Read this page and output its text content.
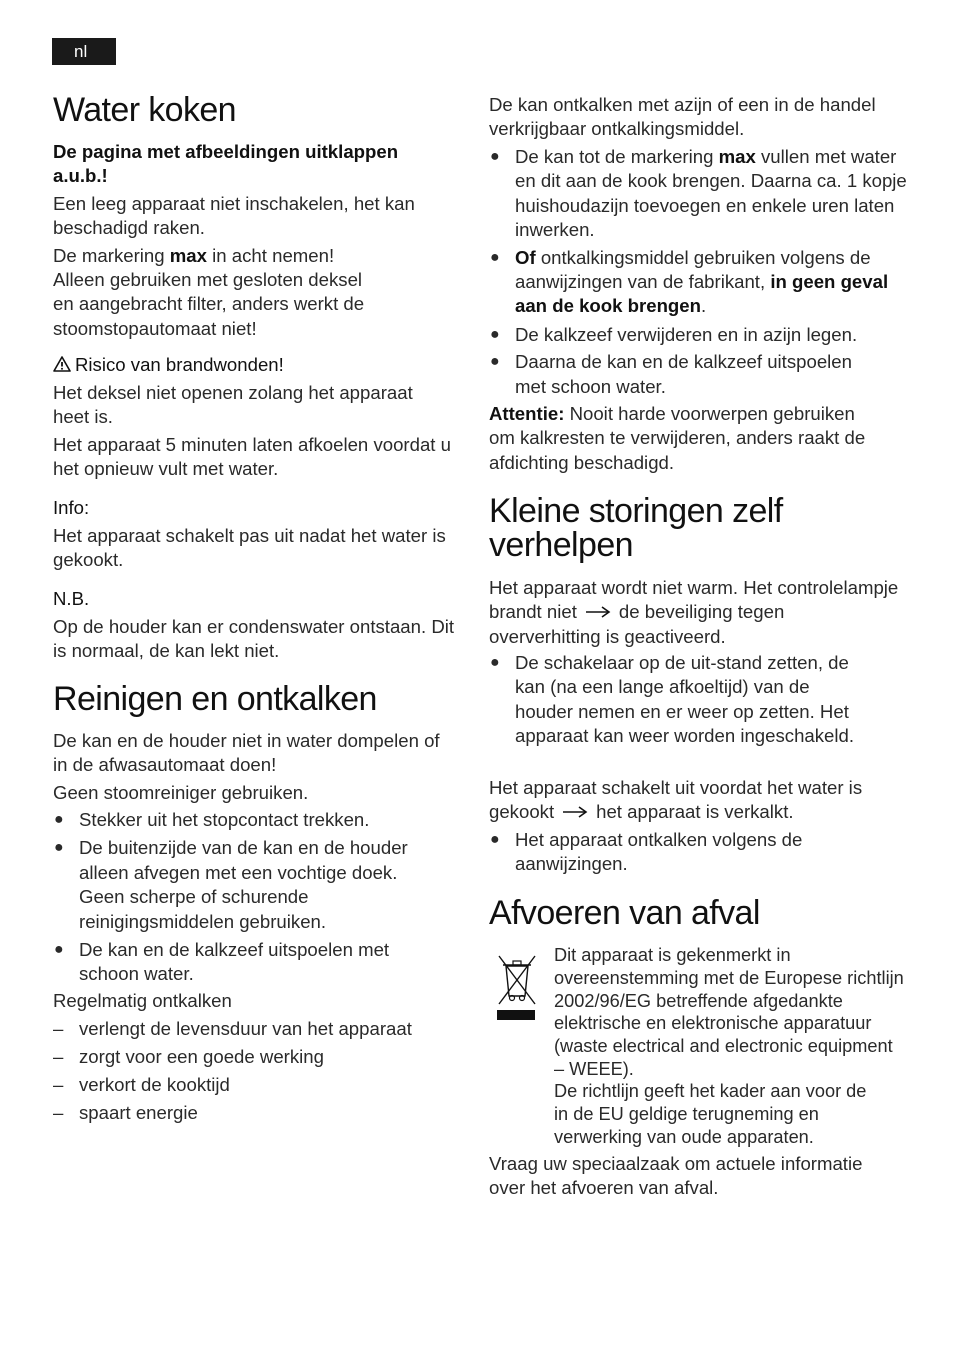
nl
Water koken

De pagina met afbeeldingen uitklappen a.u.b.!

Een leeg apparaat niet inschakelen, het kan beschadigd raken.

De markering max in acht nemen!

Alleen gebruiken met gesloten deksel en aangebracht filter, anders werkt de stoomstopautomaat niet!

Risico van brandwonden!

Het deksel niet openen zolang het apparaat heet is.

Het apparaat 5 minuten laten afkoelen voordat u het opnieuw vult met water.

Info:

Het apparaat schakelt pas uit nadat het water is gekookt.

N.B.

Op de houder kan er condenswater ontstaan. Dit is normaal, de kan lekt niet.

Reinigen en ontkalken

De kan en de houder niet in water dompelen of in de afwasautomaat doen!

Geen stoomreiniger gebruiken.

● Stekker uit het stopcontact trekken.
● De buitenzijde van de kan en de houder alleen afvegen met een vochtige doek. Geen scherpe of schurende reinigingsmiddelen gebruiken.
● De kan en de kalkzeef uitspoelen met schoon water.

Regelmatig ontkalken

– verlengt de levensduur van het apparaat
– zorgt voor een goede werking
– verkort de kooktijd
– spaart energie

De kan ontkalken met azijn of een in de handel verkrijgbaar ontkalkingsmiddel.

● De kan tot de markering max vullen met water en dit aan de kook brengen. Daarna ca. 1 kopje huishoudazijn toevoegen en enkele uren laten inwerken.
● Of ontkalkingsmiddel gebruiken volgens de aanwijzingen van de fabrikant, in geen geval aan de kook brengen.
● De kalkzeef verwijderen en in azijn legen.
● Daarna de kan en de kalkzeef uitspoelen met schoon water.

Attentie: Nooit harde voorwerpen gebruiken om kalkresten te verwijderen, anders raakt de afdichting beschadigd.

Kleine storingen zelf verhelpen

Het apparaat wordt niet warm. Het controlelampje brandt niet de beveiliging tegen oververhitting is geactiveerd.

● De schakelaar op de uit-stand zetten, de kan (na een lange afkoeltijd) van de houder nemen en er weer op zetten. Het apparaat kan weer worden ingeschakeld.

Het apparaat schakelt uit voordat het water is gekookt het apparaat is verkalkt.

● Het apparaat ontkalken volgens de aanwijzingen.
Afvoeren van afval

Dit apparaat is gekenmerkt in overeenstemming met de Europese richtlijn 2002/96/EG betreffende afgedankte elektrische en elektronische apparatuur (waste electrical and electronic equipment – WEEE).

De richtlijn geeft het kader aan voor de in de EU geldige terugneming en verwerking van oude apparaten.

Vraag uw speciaalzaak om actuele informatie over het afvoeren van afval.
